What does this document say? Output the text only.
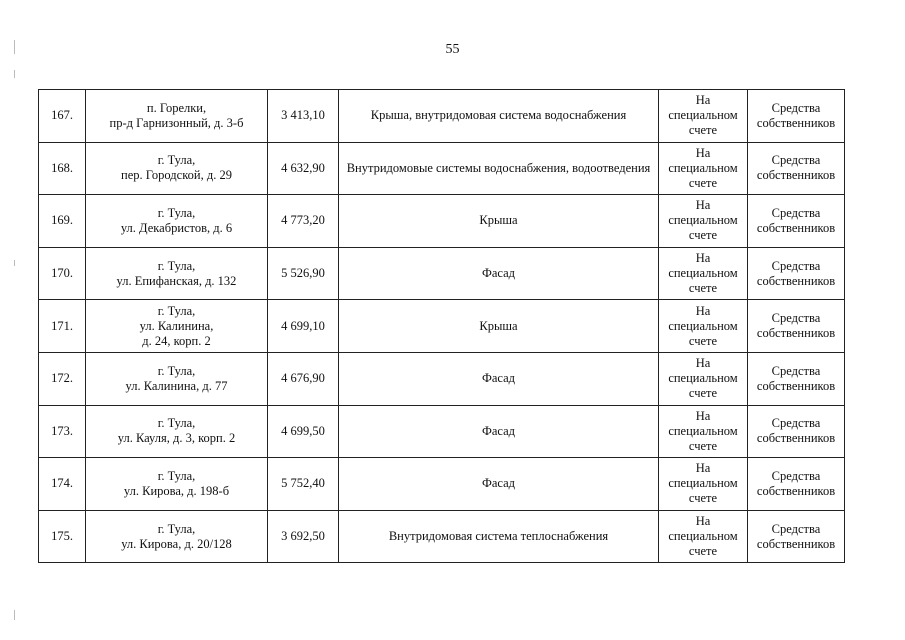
55
167.	п. Горелки,
пр-д Гарнизонный, д. 3-б	3 413,10	Крыша, внутридомовая система водоснабжения	На
специальном
счете	Средства
собственников

168.	г. Тула,
пер. Городской, д. 29	4 632,90	Внутридомовые системы водоснабжения, водоотведения	На
специальном
счете	Средства
собственников

169.	г. Тула,
ул. Декабристов, д. 6	4 773,20	Крыша	На
специальном
счете	Средства
собственников

170.	г. Тула,
ул. Епифанская, д. 132	5 526,90	Фасад	На
специальном
счете	Средства
собственников

171.	г. Тула,
ул. Калинина,
д. 24, корп. 2	4 699,10	Крыша	На
специальном
счете	Средства
собственников

172.	г. Тула,
ул. Калинина, д. 77	4 676,90	Фасад	На
специальном
счете	Средства
собственников

173.	г. Тула,
ул. Кауля, д. 3, корп. 2	4 699,50	Фасад	На
специальном
счете	Средства
собственников

174.	г. Тула,
ул. Кирова, д. 198-б	5 752,40	Фасад	На
специальном
счете	Средства
собственников

175.	г. Тула,
ул. Кирова, д. 20/128	3 692,50	Внутридомовая система теплоснабжения	На
специальном
счете	Средства
собственников
